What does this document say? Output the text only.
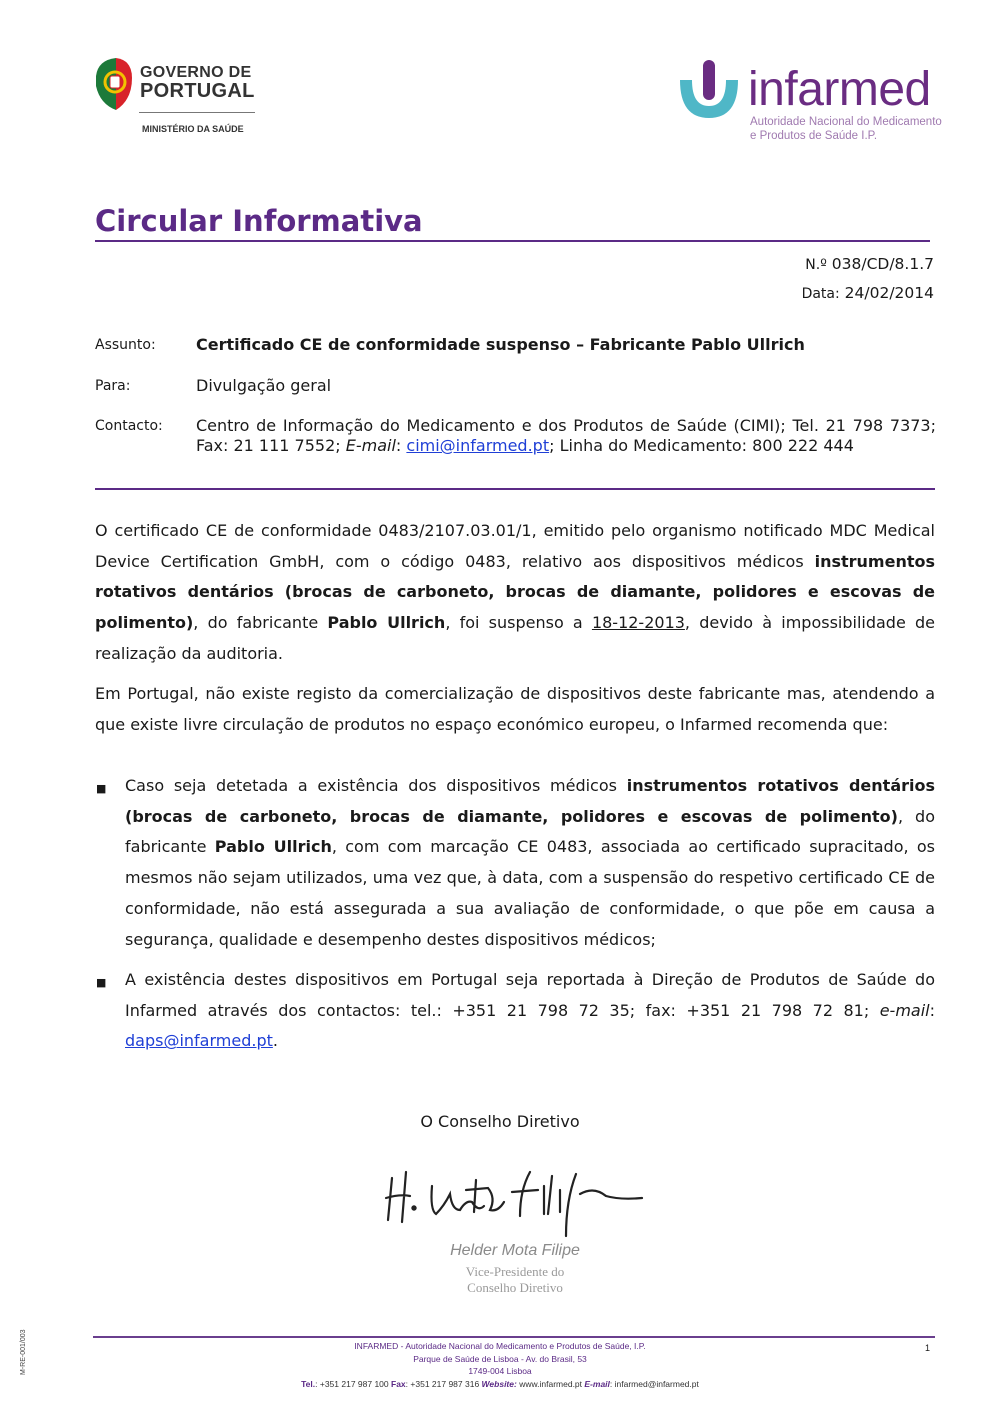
GOVERNO DE
PORTUGAL
MINISTÉRIO DA SAÚDE
infarmed
Autoridade Nacional do Medicamento
e Produtos de Saúde I.P.
Circular Informativa
N.º 038/CD/8.1.7
Data: 24/02/2014
Assunto:	Certificado CE de conformidade suspenso – Fabricante Pablo Ullrich
Para:	Divulgação geral
Contacto: Centro de Informação do Medicamento e dos Produtos de Saúde (CIMI); Tel. 21 798 7373; Fax: 21 111 7552; E-mail: cimi@infarmed.pt; Linha do Medicamento: 800 222 444
O certificado CE de conformidade 0483/2107.03.01/1, emitido pelo organismo notificado MDC Medical Device Certification GmbH, com o código 0483, relativo aos dispositivos médicos instrumentos rotativos dentários (brocas de carboneto, brocas de diamante, polidores e escovas de polimento), do fabricante Pablo Ullrich, foi suspenso a 18-12-2013, devido à impossibilidade de realização da auditoria.
Em Portugal, não existe registo da comercialização de dispositivos deste fabricante mas, atendendo a que existe livre circulação de produtos no espaço económico europeu, o Infarmed recomenda que:
■ Caso seja detetada a existência dos dispositivos médicos instrumentos rotativos dentários (brocas de carboneto, brocas de diamante, polidores e escovas de polimento), do fabricante Pablo Ullrich, com com marcação CE 0483, associada ao certificado supracitado, os mesmos não sejam utilizados, uma vez que, à data, com a suspensão do respetivo certificado CE de conformidade, não está assegurada a sua avaliação de conformidade, o que põe em causa a segurança, qualidade e desempenho destes dispositivos médicos;
■ A existência destes dispositivos em Portugal seja reportada à Direção de Produtos de Saúde do Infarmed através dos contactos: tel.: +351 21 798 72 35; fax: +351 21 798 72 81; e-mail: daps@infarmed.pt.
O Conselho Diretivo
Helder Mota Filipe
Vice-Presidente do
Conselho Diretivo
INFARMED - Autoridade Nacional do Medicamento e Produtos de Saúde, I.P.
Parque de Saúde de Lisboa - Av. do Brasil, 53
1749-004 Lisboa
Tel.: +351 217 987 100 Fax: +351 217 987 316 Website: www.infarmed.pt E-mail: infarmed@infarmed.pt
1
M-RE-001/003
